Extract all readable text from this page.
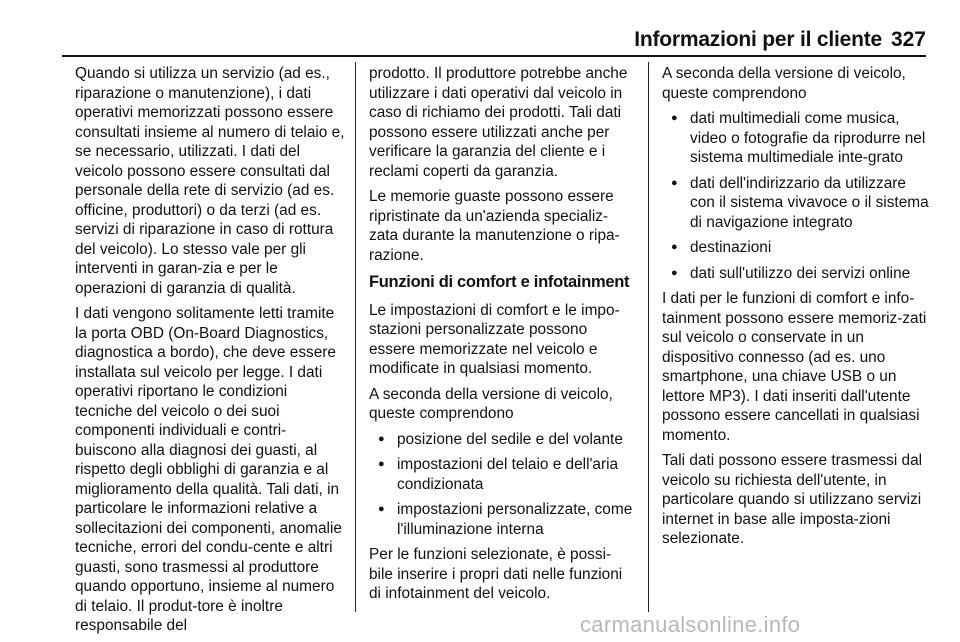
Informazioni per il cliente 327

Quando si utilizza un servizio (ad es., riparazione o manutenzione), i dati operativi memorizzati possono essere consultati insieme al numero di telaio e, se necessario, utilizzati. I dati del veicolo possono essere consultati dal personale della rete di servizio (ad es. officine, produttori) o da terzi (ad es. servizi di riparazione in caso di rottura del veicolo). Lo stesso vale per gli interventi in garan-zia e per le operazioni di garanzia di qualità.

I dati vengono solitamente letti tramite la porta OBD (On-Board Diagnostics, diagnostica a bordo), che deve essere installata sul veicolo per legge. I dati operativi riportano le condizioni tecniche del veicolo o dei suoi componenti individuali e contri-buiscono alla diagnosi dei guasti, al rispetto degli obblighi di garanzia e al miglioramento della qualità. Tali dati, in particolare le informazioni relative a sollecitazioni dei componenti, anomalie tecniche, errori del condu-cente e altri guasti, sono trasmessi al produttore quando opportuno, insieme al numero di telaio. Il produt-tore è inoltre responsabile del

prodotto. Il produttore potrebbe anche utilizzare i dati operativi dal veicolo in caso di richiamo dei prodotti. Tali dati possono essere utilizzati anche per verificare la garanzia del cliente e i reclami coperti da garanzia.

Le memorie guaste possono essere ripristinate da un'azienda specializ-zata durante la manutenzione o ripa-razione.

Funzioni di comfort e infotainment

Le impostazioni di comfort e le impo-stazioni personalizzate possono essere memorizzate nel veicolo e modificate in qualsiasi momento.

A seconda della versione di veicolo, queste comprendono

● posizione del sedile e del volante
● impostazioni del telaio e dell'aria condizionata
● impostazioni personalizzate, come l'illuminazione interna

Per le funzioni selezionate, è possi-bile inserire i propri dati nelle funzioni di infotainment del veicolo.

A seconda della versione di veicolo, queste comprendono

● dati multimediali come musica, video o fotografie da riprodurre nel sistema multimediale inte-grato
● dati dell'indirizzario da utilizzare con il sistema vivavoce o il sistema di navigazione integrato
● destinazioni
● dati sull'utilizzo dei servizi online

I dati per le funzioni di comfort e info-tainment possono essere memoriz-zati sul veicolo o conservate in un dispositivo connesso (ad es. uno smartphone, una chiave USB o un lettore MP3). I dati inseriti dall'utente possono essere cancellati in qualsiasi momento.

Tali dati possono essere trasmessi dal veicolo su richiesta dell'utente, in particolare quando si utilizzano servizi internet in base alle imposta-zioni selezionate.

carmanualsonline.info
